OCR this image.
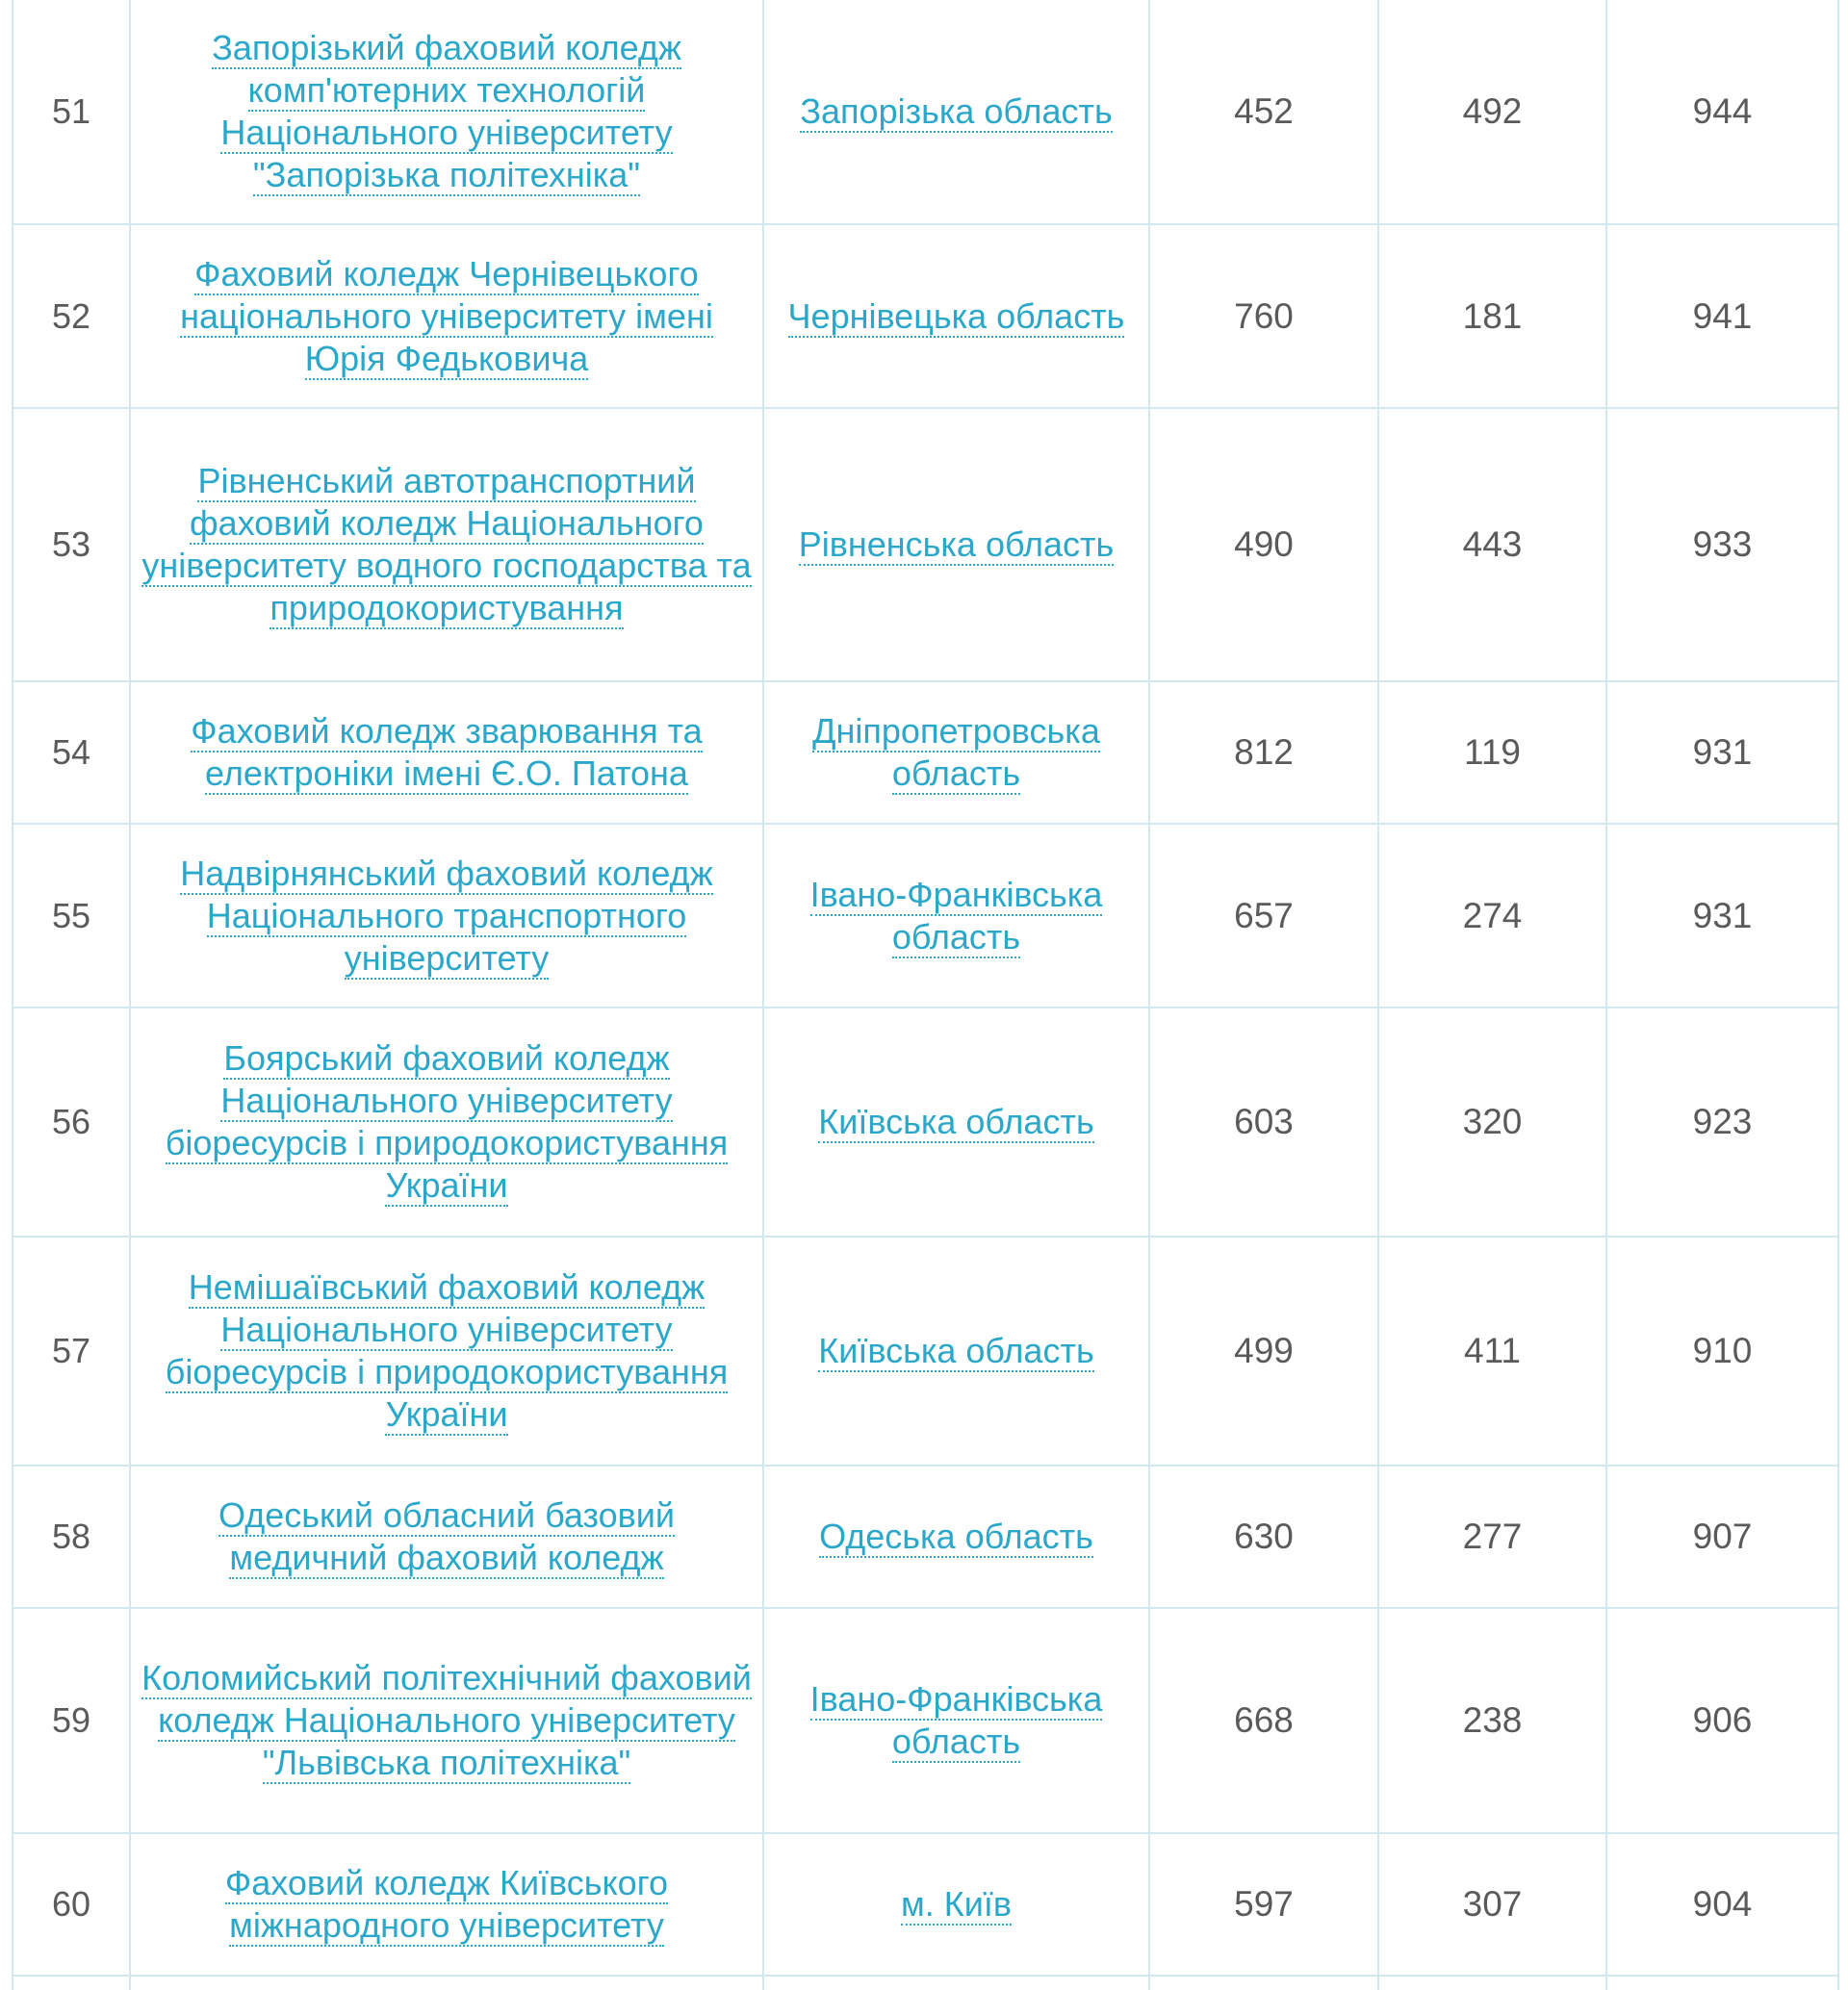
51	Запорізький фаховий коледж комп'ютерних технологій Національного університету "Запорізька політехніка"	Запорізька область	452	492	944
52	Фаховий коледж Чернівецького національного університету імені Юрія Федьковича	Чернівецька область	760	181	941
53	Рівненський автотранспортний фаховий коледж Національного університету водного господарства та природокористування	Рівненська область	490	443	933
54	Фаховий коледж зварювання та електроніки імені Є.О. Патона	Дніпропетровська область	812	119	931
55	Надвірнянський фаховий коледж Національного транспортного університету	Івано-Франківська область	657	274	931
56	Боярський фаховий коледж Національного університету біоресурсів і природокористування України	Київська область	603	320	923
57	Немішаївський фаховий коледж Національного університету біоресурсів і природокористування України	Київська область	499	411	910
58	Одеський обласний базовий медичний фаховий коледж	Одеська область	630	277	907
59	Коломийський політехнічний фаховий коледж Національного університету "Львівська політехніка"	Івано-Франківська область	668	238	906
60	Фаховий коледж Київського міжнародного університету	м. Київ	597	307	904
